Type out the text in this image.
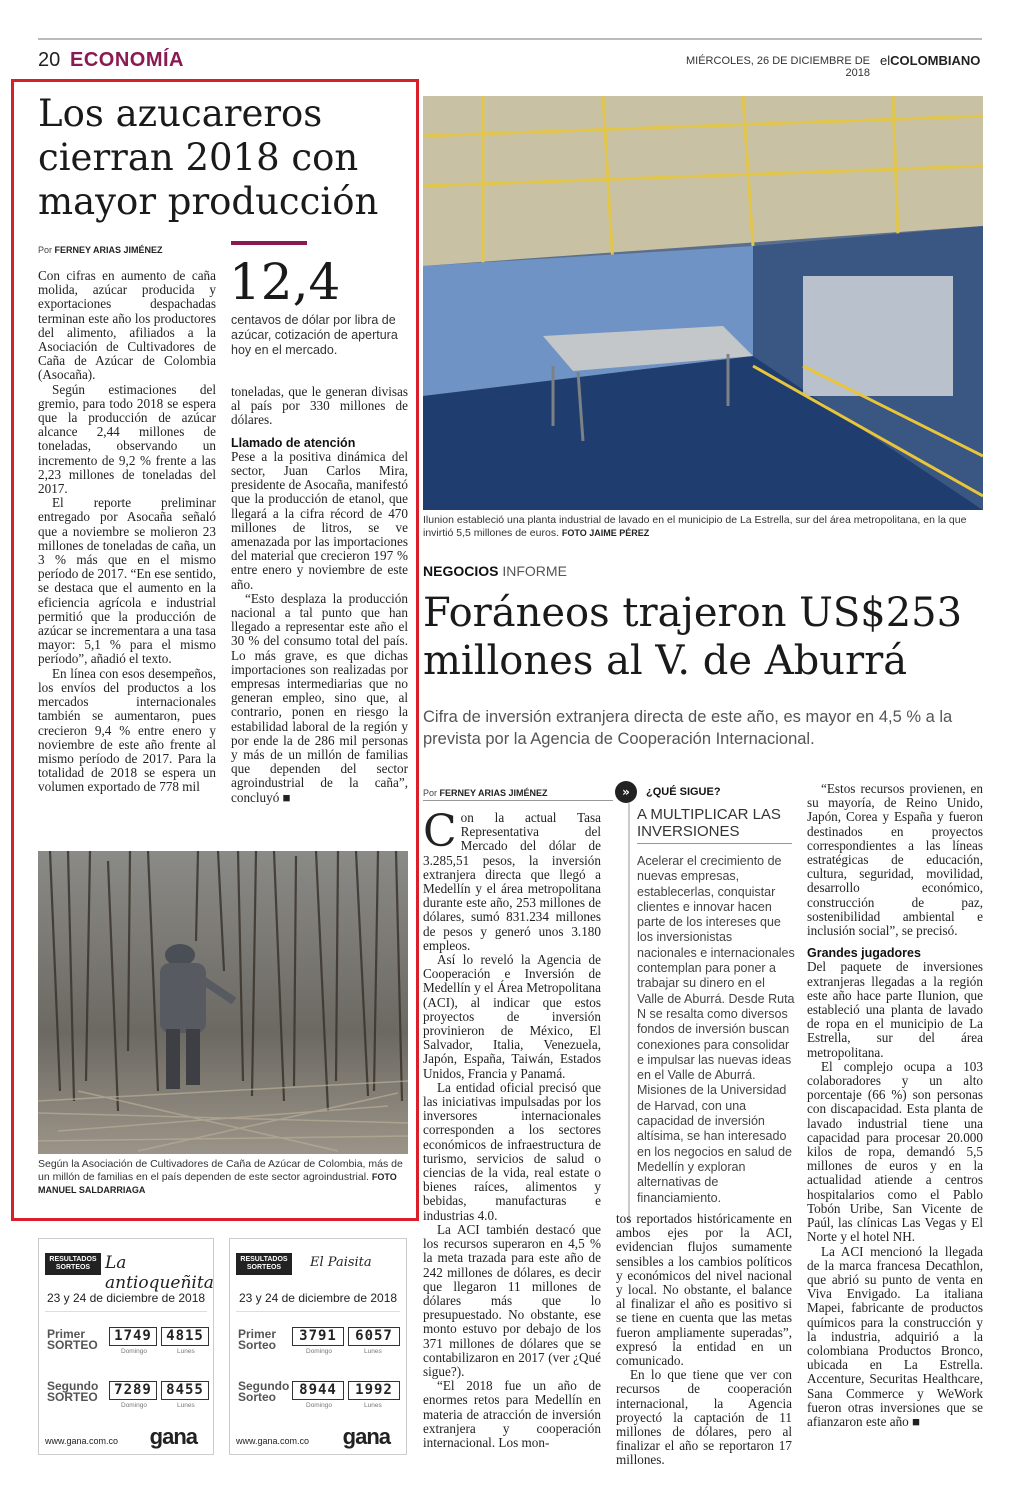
20 ECONOMÍA	MIÉRCOLES, 26 DE DICIEMBRE DE 2018
elCOLOMBIANO
Los azucareros cierran 2018 con mayor producción
Por FERNEY ARIAS JIMÉNEZ
12,4
centavos de dólar por libra de azúcar, cotización de apertura hoy en el mercado.

Con cifras en aumento de caña molida, azúcar producida y exportaciones despachadas terminan este año los productores del alimento, afiliados a la Asociación de Cultivadores de Caña de Azúcar de Colombia (Asocaña).

Según estimaciones del gremio, para todo 2018 se espera que la producción de azúcar alcance 2,44 millones de toneladas, observando un incremento de 9,2 % frente a las 2,23 millones de toneladas del 2017.

El reporte preliminar entregado por Asocaña señaló que a noviembre se molieron 23 millones de toneladas de caña, un 3 % más que en el mismo período de 2017. “En ese sentido, se destaca que el aumento en la eficiencia agrícola e industrial permitió que la producción de azúcar se incrementara a una tasa mayor: 5,1 % para el mismo período”, añadió el texto.

En línea con esos desempeños, los envíos del productos a los mercados internacionales también se aumentaron, pues crecieron 9,4 % entre enero y noviembre de este año frente al mismo período de 2017. Para la totalidad de 2018 se espera un volumen exportado de 778 mil

toneladas, que le generan divisas al país por 330 millones de dólares.

Llamado de atención

Pese a la positiva dinámica del sector, Juan Carlos Mira, presidente de Asocaña, manifestó que la producción de etanol, que llegará a la cifra récord de 470 millones de litros, se ve amenazada por las importaciones del material que crecieron 197 % entre enero y noviembre de este año.

“Esto desplaza la producción nacional a tal punto que han llegado a representar este año el 30 % del consumo total del país. Lo más grave, es que dichas importaciones son realizadas por empresas intermediarias que no generan empleo, sino que, al contrario, ponen en riesgo la estabilidad laboral de la región y por ende la de 286 mil personas y más de un millón de familias que dependen del sector agroindustrial de la caña”, concluyó ■

Según la Asociación de Cultivadores de Caña de Azúcar de Colombia, más de un millón de familias en el país dependen de este sector agroindustrial. FOTO MANUEL SALDARRIAGA
Ilunion estableció una planta industrial de lavado en el municipio de La Estrella, sur del área metropolitana, en la que invirtió 5,5 millones de euros. FOTO JAIME PÉREZ
NEGOCIOS INFORME
Foráneos trajeron US$253 millones al V. de Aburrá
Cifra de inversión extranjera directa de este año, es mayor en 4,5 % a la prevista por la Agencia de Cooperación Internacional.
Por FERNEY ARIAS JIMÉNEZ

Con la actual Tasa Representativa del Mercado del dólar de 3.285,51 pesos, la inversión extranjera directa que llegó a Medellín y el área metropolitana durante este año, 253 millones de dólares, sumó 831.234 millones de pesos y generó unos 3.180 empleos.

Así lo reveló la Agencia de Cooperación e Inversión de Medellín y el Área Metropolitana (ACI), al indicar que estos proyectos de inversión provinieron de México, El Salvador, Italia, Venezuela, Japón, España, Taiwán, Estados Unidos, Francia y Panamá.

La entidad oficial precisó que las iniciativas impulsadas por los inversores internacionales corresponden a los sectores económicos de infraestructura de turismo, servicios de salud o ciencias de la vida, real estate o bienes raíces, alimentos y bebidas, manufacturas e industrias 4.0.

La ACI también destacó que los recursos superaron en 4,5 % la meta trazada para este año de 242 millones de dólares, es decir que llegaron 11 millones de dólares más que lo presupuestado. No obstante, ese monto estuvo por debajo de los 371 millones de dólares que se contabilizaron en 2017 (ver ¿Qué sigue?).

“El 2018 fue un año de enormes retos para Medellín en materia de atracción de inversión extranjera y cooperación internacional. Los mon-

»	¿QUÉ SIGUE?
A MULTIPLICAR LAS INVERSIONES
Acelerar el crecimiento de nuevas empresas, establecerlas, conquistar clientes e innovar hacen parte de los intereses que los inversionistas nacionales e internacionales contemplan para poner a trabajar su dinero en el Valle de Aburrá. Desde Ruta N se resalta como diversos fondos de inversión buscan conexiones para consolidar e impulsar las nuevas ideas en el Valle de Aburrá. Misiones de la Universidad de Harvad, con una capacidad de inversión altísima, se han interesado en los negocios en salud de Medellín y exploran alternativas de financiamiento.

tos reportados históricamente en ambos ejes por la ACI, evidencian flujos sumamente sensibles a los cambios políticos y económicos del nivel nacional y local. No obstante, el balance al finalizar el año es positivo si se tiene en cuenta que las metas fueron ampliamente superadas”, expresó la entidad en un comunicado.

En lo que tiene que ver con recursos de cooperación internacional, la Agencia proyectó la captación de 11 millones de dólares, pero al finalizar el año se reportaron 17 millones.

“Estos recursos provienen, en su mayoría, de Reino Unido, Japón, Corea y España y fueron destinados en proyectos correspondientes a las líneas estratégicas de educación, cultura, seguridad, movilidad, desarrollo económico, construcción de paz, sostenibilidad ambiental e inclusión social”, se precisó.

Grandes jugadores

Del paquete de inversiones extranjeras llegadas a la región este año hace parte Ilunion, que estableció una planta de lavado de ropa en el municipio de La Estrella, sur del área metropolitana.

El complejo ocupa a 103 colaboradores y un alto porcentaje (66 %) son personas con discapacidad. Esta planta de lavado industrial tiene una capacidad para procesar 20.000 kilos de ropa, demandó 5,5 millones de euros y en la actualidad atiende a centros hospitalarios como el Pablo Tobón Uribe, San Vicente de Paúl, las clínicas Las Vegas y El Norte y el hotel NH.

La ACI mencionó la llegada de la marca francesa Decathlon, que abrió su punto de venta en Viva Envigado. La italiana Mapei, fabricante de productos químicos para la construcción y la industria, adquirió a la colombiana Productos Bronco, ubicada en La Estrella. Accenture, Securitas Healthcare, Sana Commerce y WeWork fueron otras inversiones que se afianzaron este año ■

RESULTADOS SORTEOS La antioqueñita
23 y 24 de diciembre de 2018
Primer SORTEO
1749	4815
Domingo	Lunes
Segundo SORTEO	7289	8455
Domingo	Lunes
www.gana.com.co gana
RESULTADOS SORTEOS	El Paisita
23 y 24 de diciembre de 2018
Primer Sorteo
3791	6057
Domingo	Lunes
Segundo Sorteo	8944	1992
Domingo	Lunes
www.gana.com.co gana
